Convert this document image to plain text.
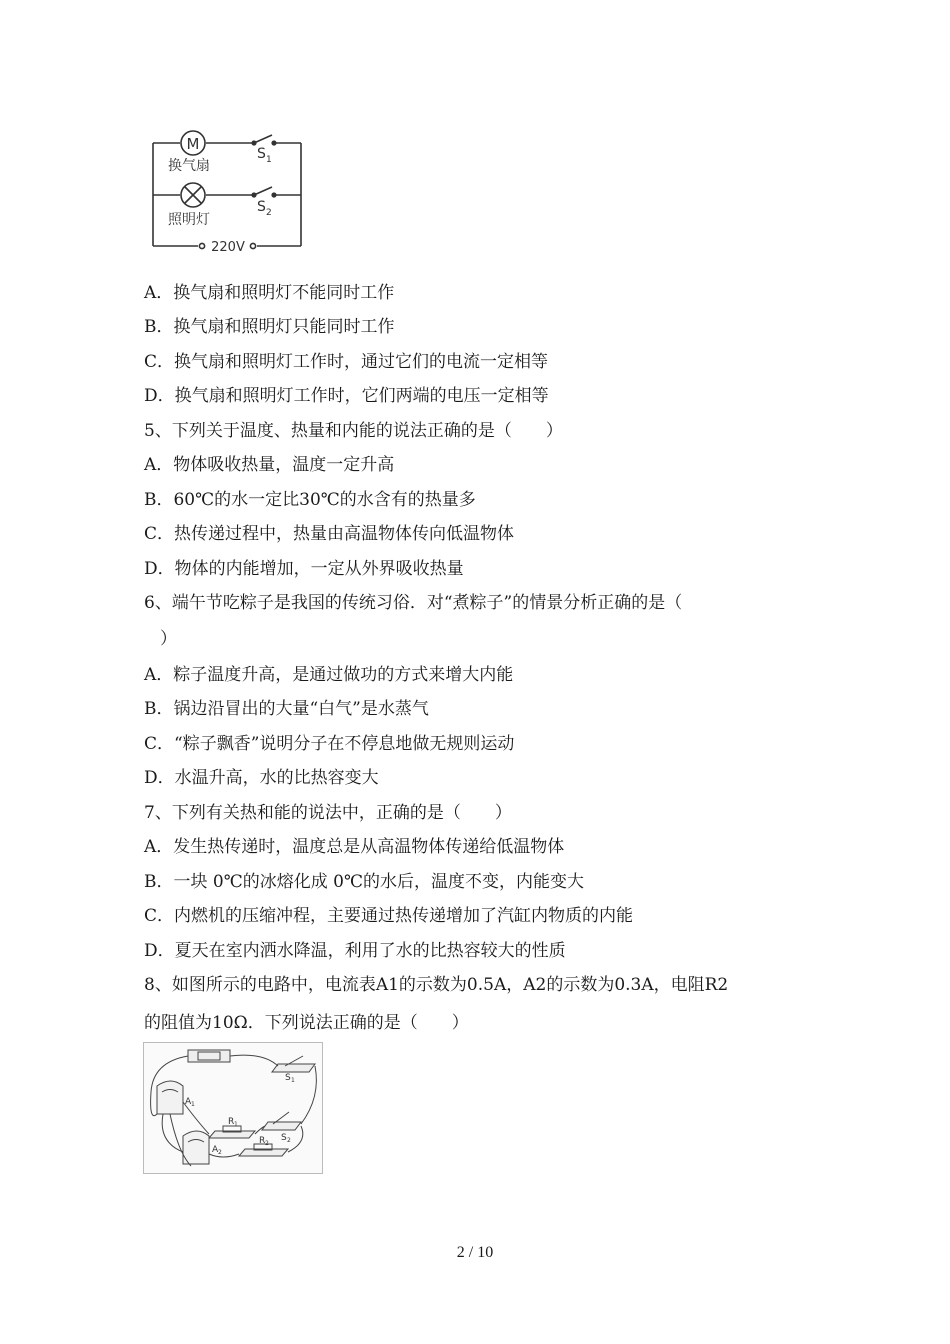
M
换气扇
照明灯
S 1
S 2
220V
A．换气扇和照明灯不能同时工作
B．换气扇和照明灯只能同时工作
C．换气扇和照明灯工作时，通过它们的电流一定相等
D．换气扇和照明灯工作时，它们两端的电压一定相等
5、下列关于温度、热量和内能的说法正确的是（　　）
A．物体吸收热量，温度一定升高
B．60℃的水一定比30℃的水含有的热量多
C．热传递过程中，热量由高温物体传向低温物体
D．物体的内能增加，一定从外界吸收热量
6、端午节吃粽子是我国的传统习俗．对“煮粽子”的情景分析正确的是（
）
A．粽子温度升高，是通过做功的方式来增大内能
B．锅边沿冒出的大量“白气”是水蒸气
C．“粽子飘香”说明分子在不停息地做无规则运动
D．水温升高，水的比热容变大
7、下列有关热和能的说法中，正确的是（　　）
A．发生热传递时，温度总是从高温物体传递给低温物体
B．一块 0℃的冰熔化成 0℃的水后，温度不变，内能变大
C．内燃机的压缩冲程，主要通过热传递增加了汽缸内物质的内能
D．夏天在室内洒水降温，利用了水的比热容较大的性质
8、如图所示的电路中，电流表A1的示数为0.5A，A2的示数为0.3A，电阻R2
的阻值为10Ω．下列说法正确的是（　　）
A 1
A 2
R 1
R 2
S 1
S 2
2 / 10
